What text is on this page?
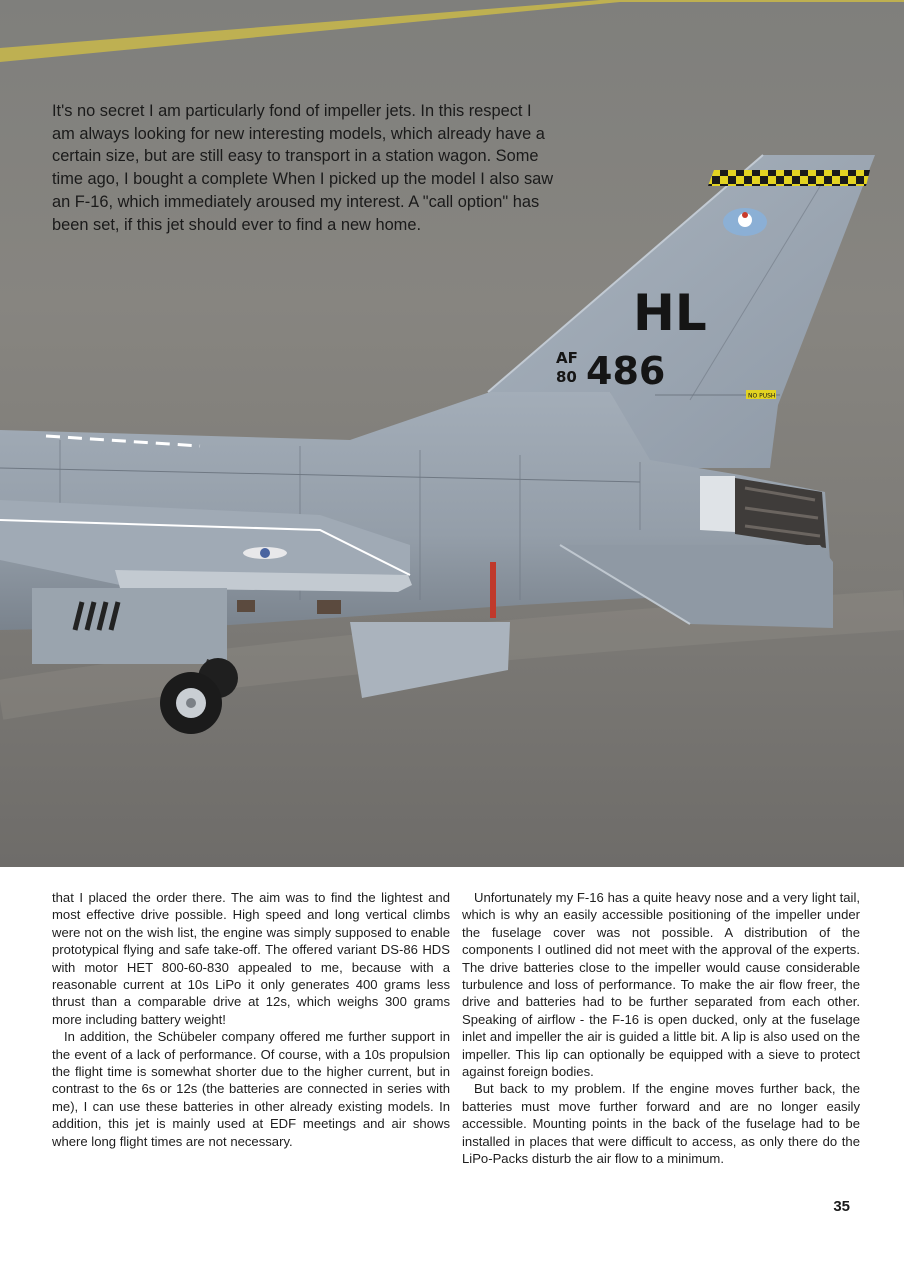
HL
AF
80 486
NO PUSH

It's no secret I am particularly fond of impeller jets. In this respect I am always looking for new interesting models, which already have a certain size, but are still easy to transport in a station wagon. Some time ago, I bought a complete When I picked up the model I also saw an F-16, which immediately aroused my interest. A "call option" has been set, if this jet should ever to find a new home.

that I placed the order there. The aim was to find the lightest and most effective drive possible. High speed and long vertical climbs were not on the wish list, the engine was simply supposed to enable prototypical flying and safe take-off. The offered variant DS-86 HDS with motor HET 800-60-830 appealed to me, because with a reasonable current at 10s LiPo it only generates 400 grams less thrust than a comparable drive at 12s, which weighs 300 grams more including battery weight!

In addition, the Schübeler company offered me further support in the event of a lack of performance. Of course, with a 10s propulsion the flight time is somewhat shorter due to the higher current, but in contrast to the 6s or 12s (the batteries are connected in series with me), I can use these batteries in other already existing models. In addition, this jet is mainly used at EDF meetings and air shows where long flight times are not necessary.

Unfortunately my F-16 has a quite heavy nose and a very light tail, which is why an easily accessible positioning of the impeller under the fuselage cover was not possible. A distribution of the components I outlined did not meet with the approval of the experts. The drive batteries close to the impeller would cause considerable turbulence and loss of performance. To make the air flow freer, the drive and batteries had to be further separated from each other. Speaking of airflow - the F-16 is open ducked, only at the fuselage inlet and impeller the air is guided a little bit. A lip is also used on the impeller. This lip can optionally be equipped with a sieve to protect against foreign bodies.

But back to my problem. If the engine moves further back, the batteries must move further forward and are no longer easily accessible. Mounting points in the back of the fuselage had to be installed in places that were difficult to access, as only there do the LiPo-Packs disturb the air flow to a minimum.

35
